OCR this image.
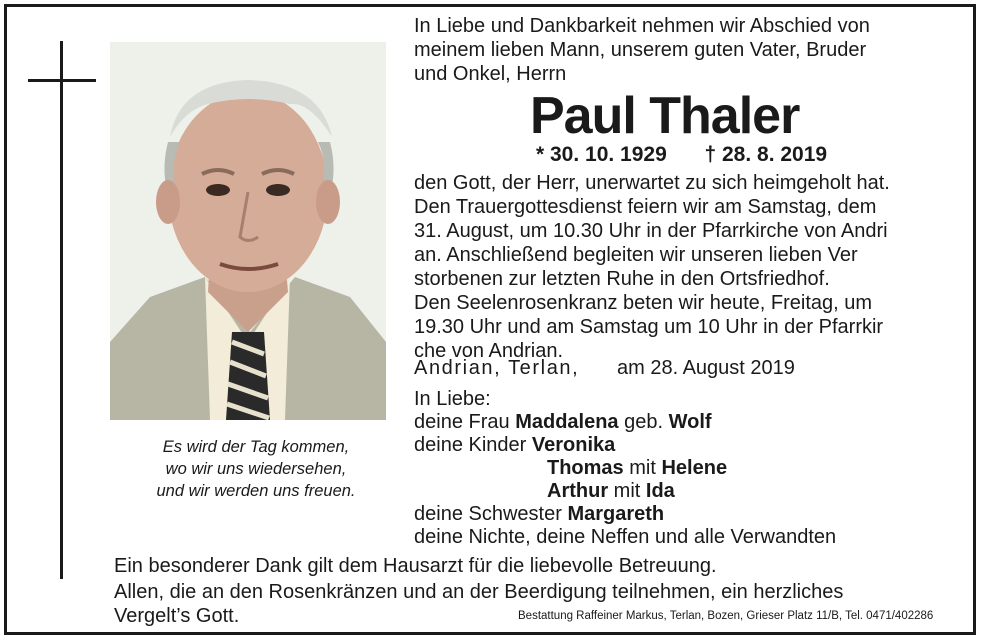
Es wird der Tag kommen,
wo wir uns wiedersehen,
und wir werden uns freuen.
In Liebe und Dankbarkeit nehmen wir Abschied von
meinem lieben Mann, unserem guten Vater, Bruder
und Onkel, Herrn
Paul Thaler
* 30. 10. 1929 † 28. 8. 2019
den Gott, der Herr, unerwartet zu sich heimgeholt hat.
Den Trauergottesdienst feiern wir am Samstag, dem
31. August, um 10.30 Uhr in der Pfarrkirche von Andri
an. Anschließend begleiten wir unseren lieben Ver
storbenen zur letzten Ruhe in den Ortsfriedhof.
Den Seelenrosenkranz beten wir heute, Freitag, um
19.30 Uhr und am Samstag um 10 Uhr in der Pfarrkir
che von Andrian.
Andrian, Terlan, am 28. August 2019
In Liebe:
deine Frau Maddalena geb. Wolf
deine Kinder Veronika
Thomas mit Helene
Arthur mit Ida
deine Schwester Margareth
deine Nichte, deine Neffen und alle Verwandten
Ein besonderer Dank gilt dem Hausarzt für die liebevolle Betreuung.
Allen, die an den Rosenkränzen und an der Beerdigung teilnehmen, ein herzliches
Vergelt’s Gott.	Bestattung Raffeiner Markus, Terlan, Bozen, Grieser Platz 11/B, Tel. 0471/402286
